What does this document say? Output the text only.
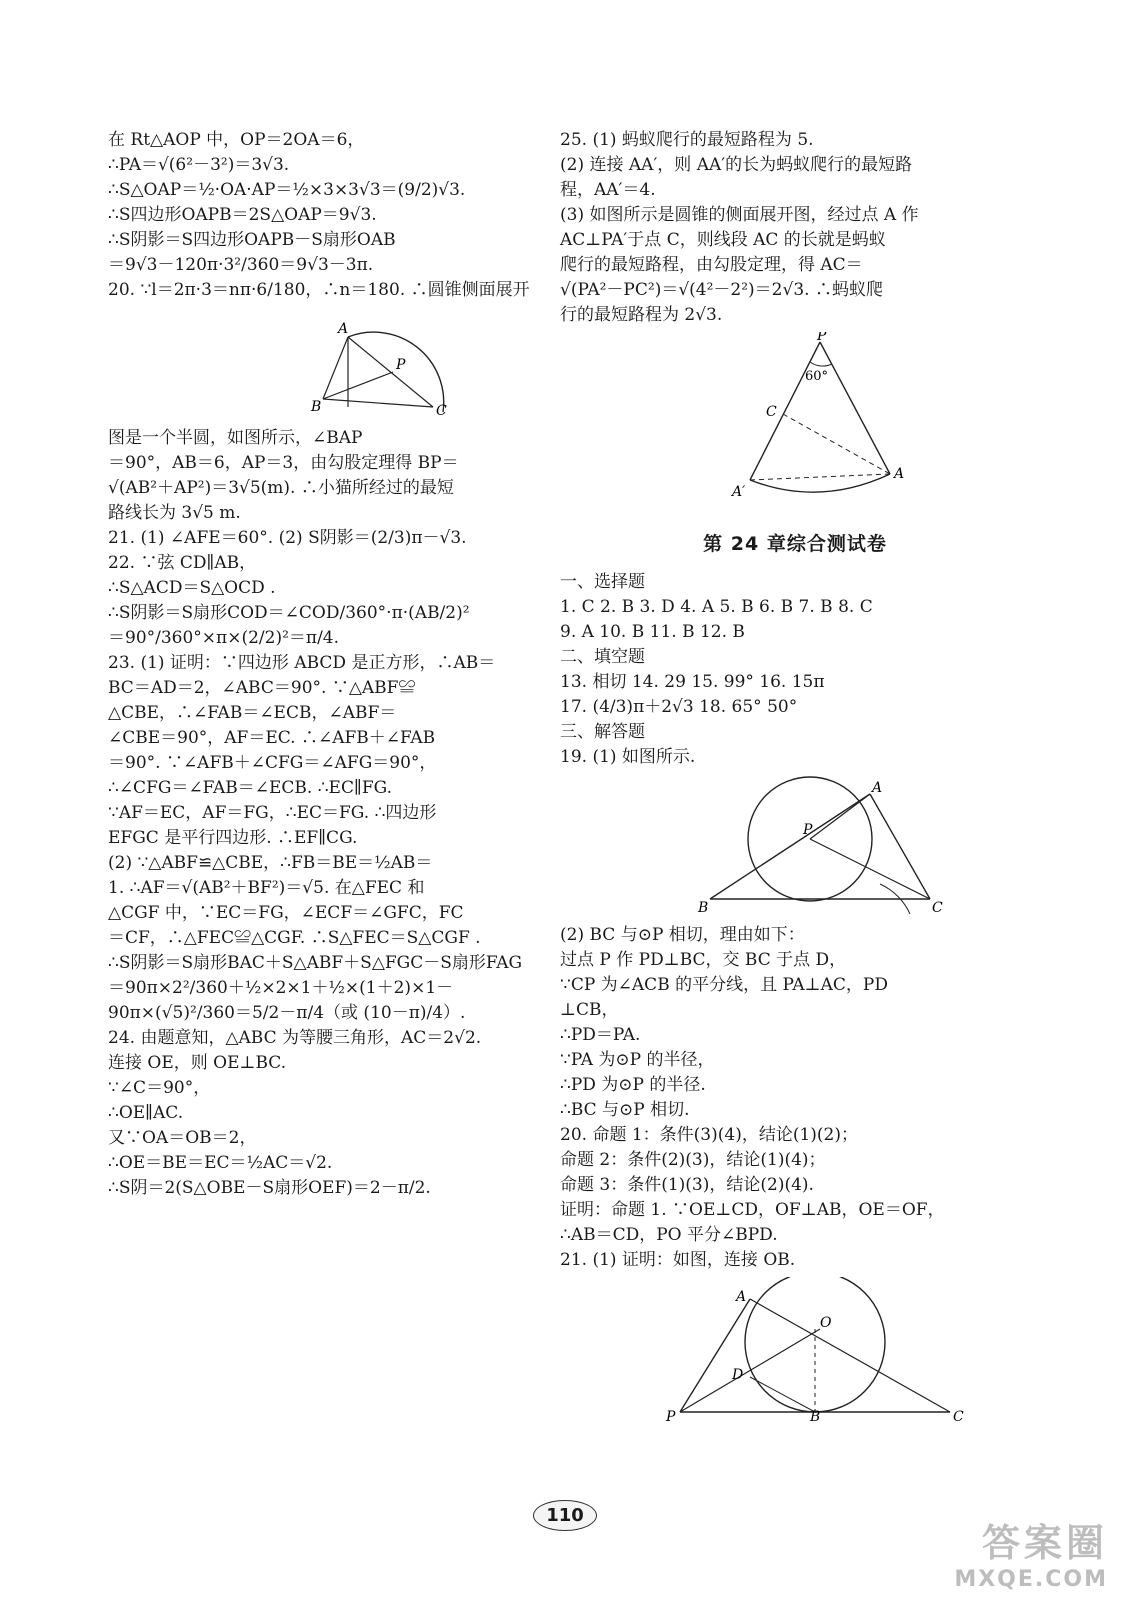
在 Rt△AOP 中，OP＝2OA＝6，
∴PA＝√(6²－3²)＝3√3.
∴S△OAP＝½·OA·AP＝½×3×3√3＝(9/2)√3.
∴S四边形OAPB＝2S△OAP＝9√3.
∴S阴影＝S四边形OAPB－S扇形OAB
＝9√3－120π·3²/360＝9√3－3π.
20. ∵l＝2π·3＝nπ·6/180，∴n＝180. ∴圆锥侧面展开
A
B	C
P
图是一个半圆，如图所示，∠BAP
＝90°，AB＝6，AP＝3，由勾股定理得 BP＝
√(AB²＋AP²)＝3√5(m). ∴小猫所经过的最短
路线长为 3√5 m.
21. (1) ∠AFE＝60°. (2) S阴影＝(2/3)π－√3.
22. ∵弦 CD∥AB，
∴S△ACD＝S△OCD .
∴S阴影＝S扇形COD＝∠COD/360°·π·(AB/2)²
＝90°/360°×π×(2/2)²＝π/4.
23. (1) 证明：∵四边形 ABCD 是正方形，∴AB＝
BC＝AD＝2，∠ABC＝90°. ∵△ABF≌
△CBE，∴∠FAB＝∠ECB，∠ABF＝
∠CBE＝90°，AF＝EC. ∴∠AFB＋∠FAB
＝90°. ∵∠AFB＋∠CFG＝∠AFG＝90°，
∴∠CFG＝∠FAB＝∠ECB. ∴EC∥FG.
∵AF＝EC，AF＝FG，∴EC＝FG. ∴四边形
EFGC 是平行四边形. ∴EF∥CG.
(2) ∵△ABF≌△CBE，∴FB＝BE＝½AB＝
1. ∴AF＝√(AB²＋BF²)＝√5. 在△FEC 和
△CGF 中，∵EC＝FG，∠ECF＝∠GFC，FC
＝CF，∴△FEC≌△CGF. ∴S△FEC＝S△CGF .
∴S阴影＝S扇形BAC＋S△ABF＋S△FGC－S扇形FAG
＝90π×2²/360＋½×2×1＋½×(1＋2)×1－
90π×(√5)²/360＝5/2－π/4（或 (10－π)/4）.
24. 由题意知，△ABC 为等腰三角形，AC＝2√2.
连接 OE，则 OE⊥BC.
∵∠C＝90°，
∴OE∥AC.
又∵OA＝OB＝2，
∴OE＝BE＝EC＝½AC＝√2.
∴S阴＝2(S△OBE－S扇形OEF)＝2－π/2.
25. (1) 蚂蚁爬行的最短路程为 5.
(2) 连接 AA′，则 AA′的长为蚂蚁爬行的最短路
程，AA′＝4.
(3) 如图所示是圆锥的侧面展开图，经过点 A 作
AC⊥PA′于点 C，则线段 AC 的长就是蚂蚁
爬行的最短路程，由勾股定理，得 AC＝
√(PA²－PC²)＝√(4²－2²)＝2√3. ∴蚂蚁爬
行的最短路程为 2√3.
P
60°
C
A
A′
第 24 章综合测试卷
一、选择题
1. C 2. B 3. D 4. A 5. B 6. B 7. B 8. C
9. A 10. B 11. B 12. B
二、填空题
13. 相切 14. 29 15. 99° 16. 15π
17. (4/3)π＋2√3 18. 65° 50°
三、解答题
19. (1) 如图所示.
A
P
B	C
(2) BC 与⊙P 相切，理由如下：
过点 P 作 PD⊥BC，交 BC 于点 D，
∵CP 为∠ACB 的平分线，且 PA⊥AC，PD
⊥CB，
∴PD＝PA.
∵PA 为⊙P 的半径，
∴PD 为⊙P 的半径.
∴BC 与⊙P 相切.
20. 命题 1：条件(3)(4)，结论(1)(2)；
命题 2：条件(2)(3)，结论(1)(4)；
命题 3：条件(1)(3)，结论(2)(4).
证明：命题 1. ∵OE⊥CD，OF⊥AB，OE＝OF，
∴AB＝CD，PO 平分∠BPD.
21. (1) 证明：如图，连接 OB.
A
O
D
P	B	C
110
答案圈
MXQE.COM
